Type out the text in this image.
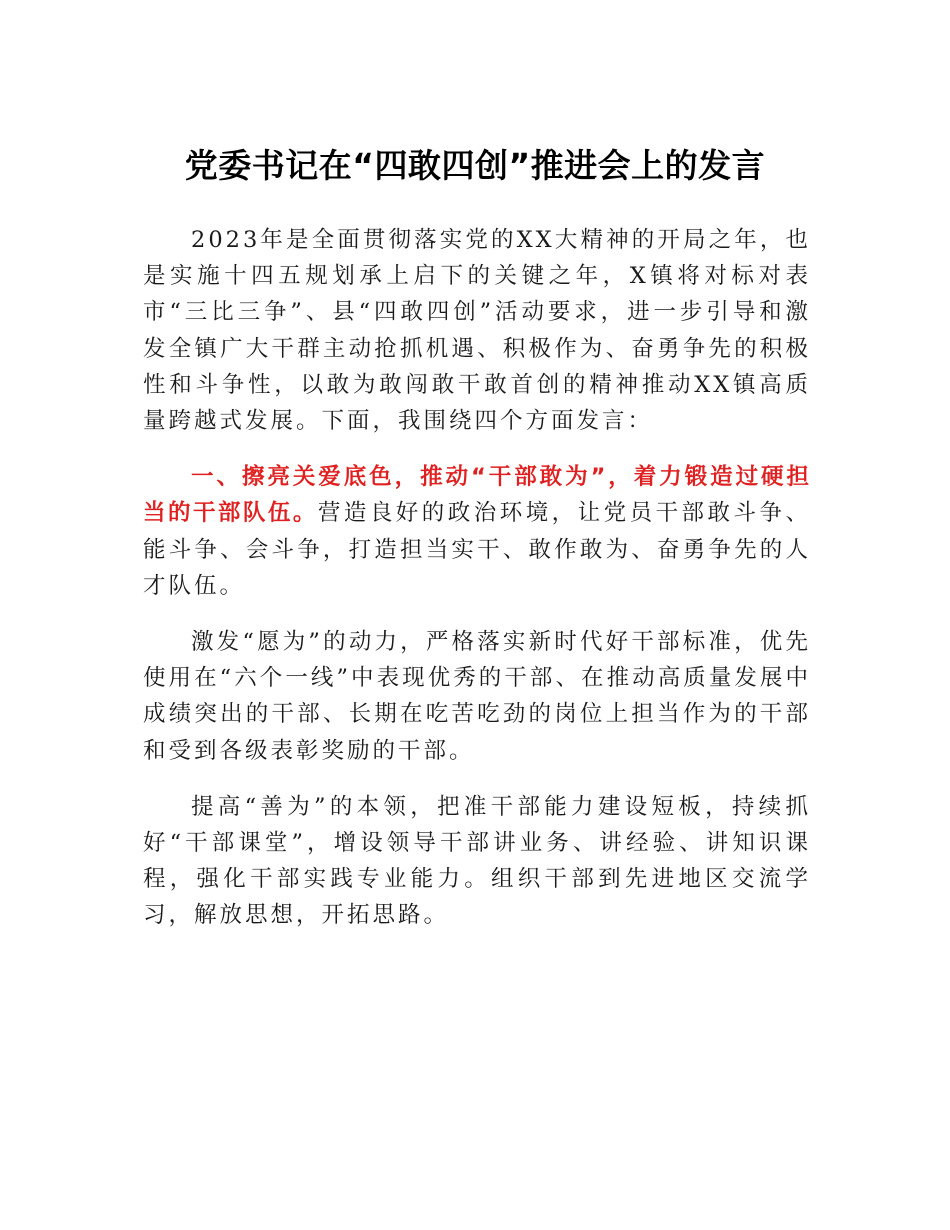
党委书记在“四敢四创”推进会上的发言

2023年是全面贯彻落实党的XX大精神的开局之年，也是实施十四五规划承上启下的关键之年，X镇将对标对表市“三比三争”、县“四敢四创”活动要求，进一步引导和激发全镇广大干群主动抢抓机遇、积极作为、奋勇争先的积极性和斗争性，以敢为敢闯敢干敢首创的精神推动XX镇高质量跨越式发展。下面，我围绕四个方面发言：

一、擦亮关爱底色，推动“干部敢为”，着力锻造过硬担当的干部队伍。营造良好的政治环境，让党员干部敢斗争、能斗争、会斗争，打造担当实干、敢作敢为、奋勇争先的人才队伍。

激发“愿为”的动力，严格落实新时代好干部标准，优先使用在“六个一线”中表现优秀的干部、在推动高质量发展中成绩突出的干部、长期在吃苦吃劲的岗位上担当作为的干部和受到各级表彰奖励的干部。

提高“善为”的本领，把准干部能力建设短板，持续抓好“干部课堂”，增设领导干部讲业务、讲经验、讲知识课程，强化干部实践专业能力。组织干部到先进地区交流学习，解放思想，开拓思路。
